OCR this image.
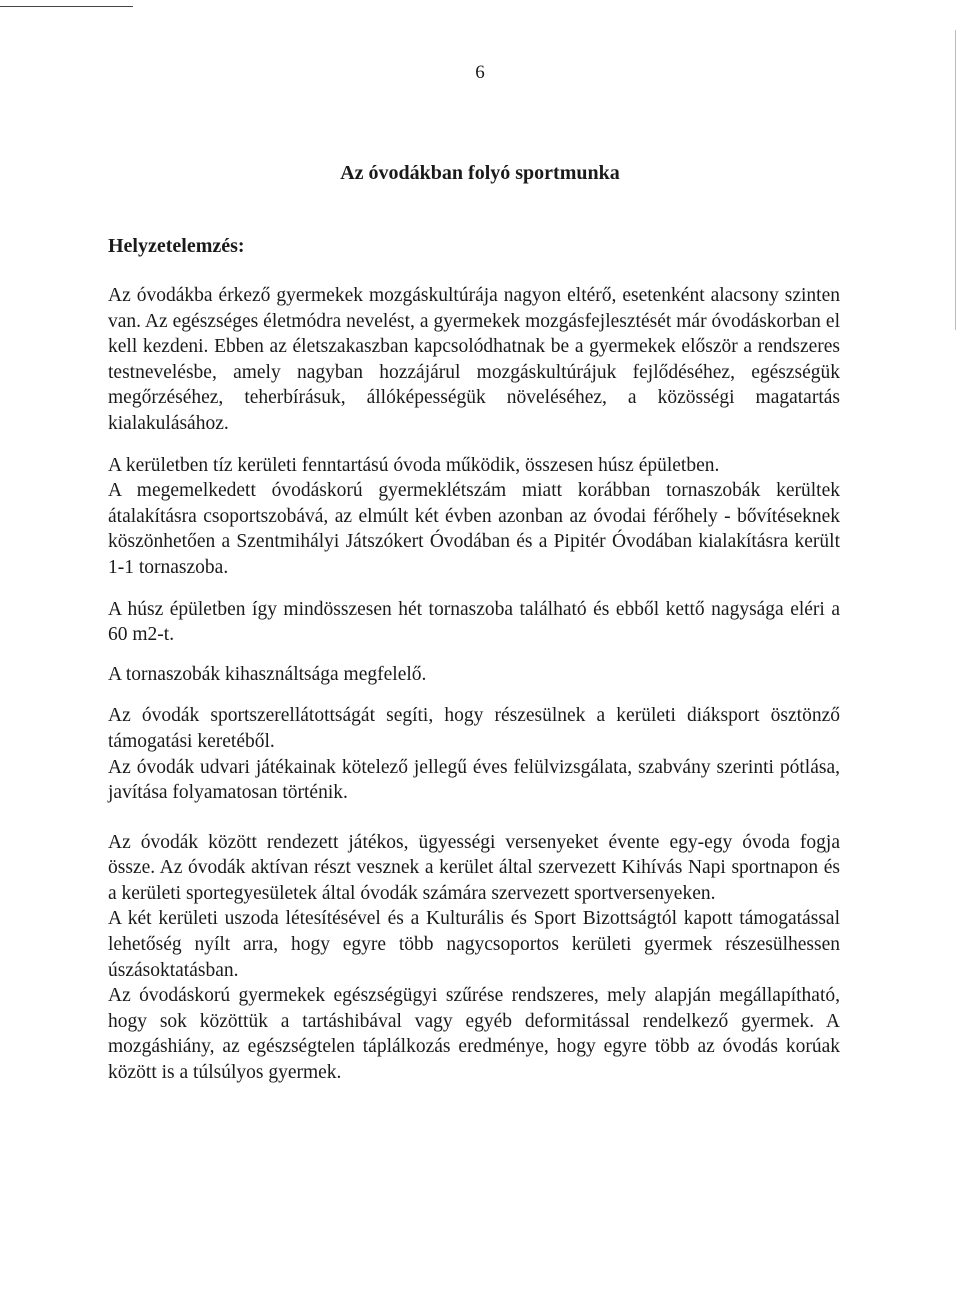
6
Az óvodákban folyó sportmunka
Helyzetelemzés:

Az óvodákba érkező gyermekek mozgáskultúrája nagyon eltérő, esetenként alacsony szinten van. Az egészséges életmódra nevelést, a gyermekek mozgásfejlesztését már óvodáskorban el kell kezdeni. Ebben az életszakaszban kapcsolódhatnak be a gyermekek először a rendszeres testnevelésbe, amely nagyban hozzájárul mozgáskultúrájuk fejlődéséhez, egészségük megőrzéséhez, teherbírásuk, állóképességük növeléséhez, a közösségi magatartás kialakulásához.

A kerületben tíz kerületi fenntartású óvoda működik, összesen húsz épületben.

A megemelkedett óvodáskorú gyermeklétszám miatt korábban tornaszobák kerültek átalakításra csoportszobává, az elmúlt két évben azonban az óvodai férőhely - bővítéseknek köszönhetően a Szentmihályi Játszókert Óvodában és a Pipitér Óvodában kialakításra került 1-1 tornaszoba.

A húsz épületben így mindösszesen hét tornaszoba található és ebből kettő nagysága eléri a 60 m2-t.

A tornaszobák kihasználtsága megfelelő.

Az óvodák sportszerellátottságát segíti, hogy részesülnek a kerületi diáksport ösztönző támogatási keretéből.

Az óvodák udvari játékainak kötelező jellegű éves felülvizsgálata, szabvány szerinti pótlása, javítása folyamatosan történik.

Az óvodák között rendezett játékos, ügyességi versenyeket évente egy-egy óvoda fogja össze. Az óvodák aktívan részt vesznek a kerület által szervezett Kihívás Napi sportnapon és a kerületi sportegyesületek által óvodák számára szervezett sportversenyeken.

A két kerületi uszoda létesítésével és a Kulturális és Sport Bizottságtól kapott támogatással lehetőség nyílt arra, hogy egyre több nagycsoportos kerületi gyermek részesülhessen úszásoktatásban.

Az óvodáskorú gyermekek egészségügyi szűrése rendszeres, mely alapján megállapítható, hogy sok közöttük a tartáshibával vagy egyéb deformitással rendelkező gyermek. A mozgáshiány, az egészségtelen táplálkozás eredménye, hogy egyre több az óvodás korúak között is a túlsúlyos gyermek.
